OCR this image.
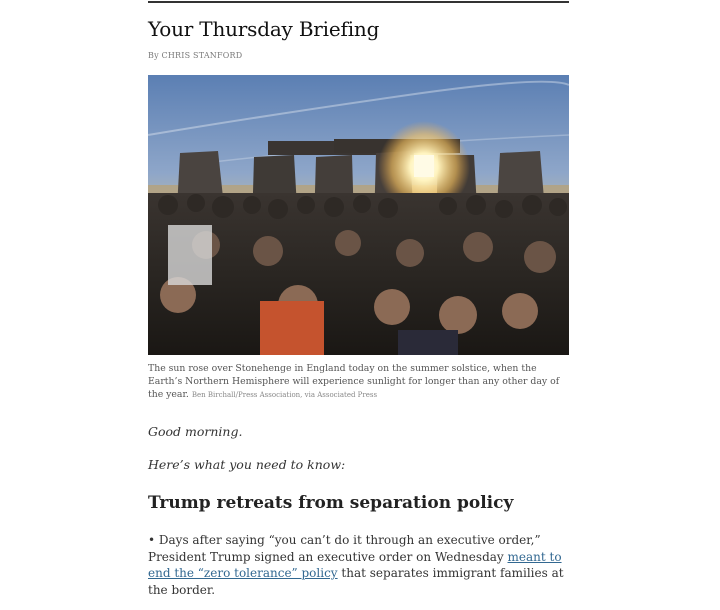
Your Thursday Briefing
By CHRIS STANFORD
The sun rose over Stonehenge in England today on the summer solstice, when the Earth’s Northern Hemisphere will experience sunlight for longer than any other day of the year. Ben Birchall/Press Association, via Associated Press
Good morning.
Here’s what you need to know:
Trump retreats from separation policy

• Days after saying “you can’t do it through an executive order,” President Trump signed an executive order on Wednesday meant to end the “zero tolerance” policy that separates immigrant families at the border.
